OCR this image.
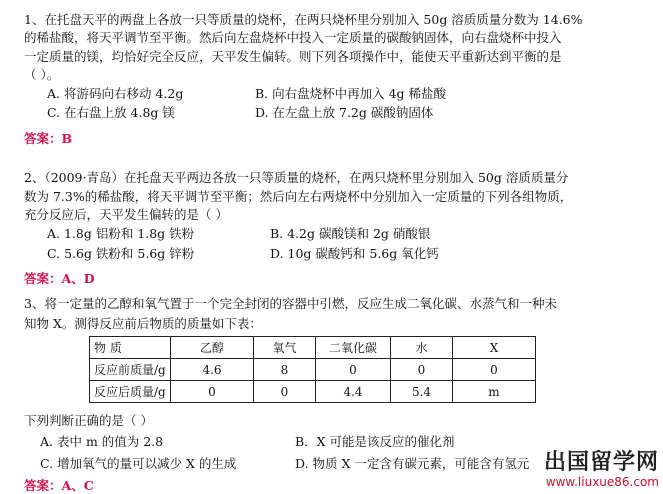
1、在托盘天平的两盘上各放一只等质量的烧杯，在两只烧杯里分别加入 50g 溶质质量分数为 14.6%
的稀盐酸，将天平调节至平衡。然后向左盘烧杯中投入一定质量的碳酸钠固体，向右盘烧杯中投入
一定质量的镁，均恰好完全反应，天平发生偏转。则下列各项操作中，能使天平重新达到平衡的是
（ ）。
A. 将游码向右移动 4.2g	B. 向右盘烧杯中再加入 4g 稀盐酸
C. 在右盘上放 4.8g 镁	D. 在左盘上放 7.2g 碳酸钠固体
答案：B
2、（2009·青岛）在托盘天平两边各放一只等质量的烧杯，在两只烧杯里分别加入 50g 溶质质量分
数为 7.3%的稀盐酸，将天平调节至平衡；然后向左右两烧杯中分别加入一定质量的下列各组物质，
充分反应后，天平发生偏转的是（ ）
A. 1.8g 铝粉和 1.8g 铁粉	B. 4.2g 碳酸镁和 2g 硝酸银
C. 5.6g 铁粉和 5.6g 锌粉	D. 10g 碳酸钙和 5.6g 氧化钙
答案：A、D
3、将一定量的乙醇和氧气置于一个完全封闭的容器中引燃，反应生成二氧化碳、水蒸气和一种未
知物 X。测得反应前后物质的质量如下表：
物 质	乙醇	氧气	二氧化碳	水	X
反应前质量/g	4.6	8	0	0	0
反应后质量/g	0	0	4.4	5.4	m
下列判断正确的是（ ）
A. 表中 m 的值为 2.8	B．X 可能是该反应的催化剂
C. 增加氧气的量可以减少 X 的生成	D. 物质 X 一定含有碳元素，可能含有氢元
答案：A、C
出国留学网
www.liuxue86.com
